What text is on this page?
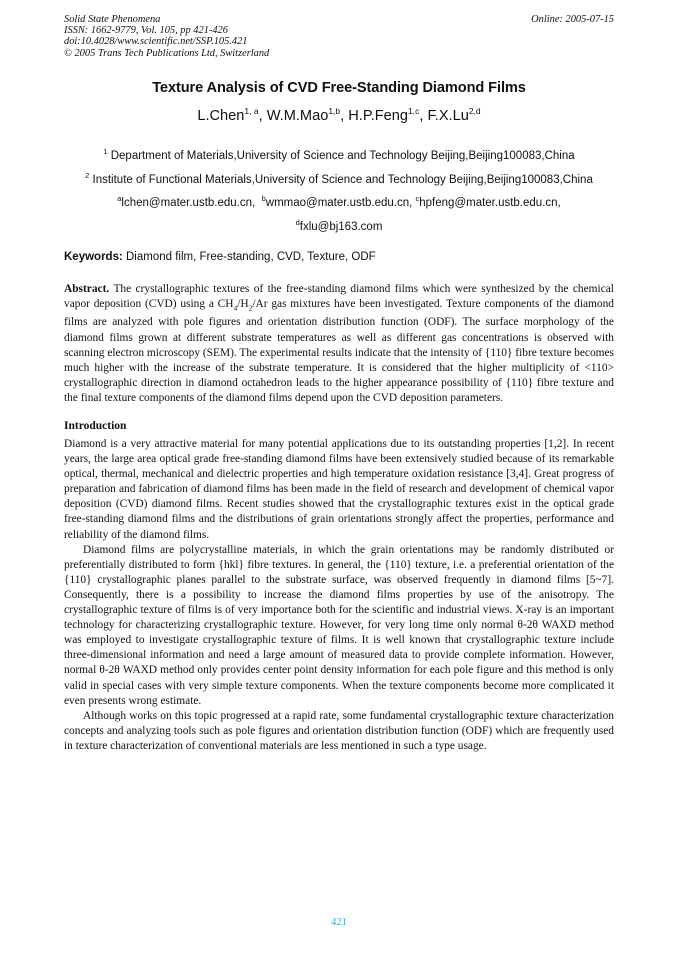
Solid State Phenomena
ISSN: 1662-9779, Vol. 105, pp 421-426
doi:10.4028/www.scientific.net/SSP.105.421
© 2005 Trans Tech Publications Ltd, Switzerland
Online: 2005-07-15
Texture Analysis of CVD Free-Standing Diamond Films
L.Chen$^{1, a}$, W.M.Mao$^{1,b}$, H.P.Feng$^{1,c}$, F.X.Lu$^{2,d}$
$^1$ Department of Materials,University of Science and Technology Beijing,Beijing100083,China
$^2$ Institute of Functional Materials,University of Science and Technology Beijing,Beijing100083,China
$^a$lchen@mater.ustb.edu.cn, $^b$wmmao@mater.ustb.edu.cn, $^c$hpfeng@mater.ustb.edu.cn,
$^d$fxlu@bj163.com
Keywords: Diamond film, Free-standing, CVD, Texture, ODF
Abstract. The crystallographic textures of the free-standing diamond films which were synthesized by the chemical vapor deposition (CVD) using a $CH_4/H_2/Ar$ gas mixtures have been investigated. Texture components of the diamond films are analyzed with pole figures and orientation distribution function (ODF). The surface morphology of the diamond films grown at different substrate temperatures as well as different gas concentrations is observed with scanning electron microscopy (SEM). The experimental results indicate that the intensity of {110} fibre texture becomes much higher with the increase of the substrate temperature. It is considered that the higher multiplicity of <110> crystallographic direction in diamond octahedron leads to the higher appearance possibility of {110} fibre texture and the final texture components of the diamond films depend upon the CVD deposition parameters.
Introduction

Diamond is a very attractive material for many potential applications due to its outstanding properties [1,2]. In recent years, the large area optical grade free-standing diamond films have been extensively studied because of its remarkable optical, thermal, mechanical and dielectric properties and high temperature oxidation resistance [3,4]. Great progress of preparation and fabrication of diamond films has been made in the field of research and development of chemical vapor deposition (CVD) diamond films. Recent studies showed that the crystallographic textures exist in the optical grade free-standing diamond films and the distributions of grain orientations strongly affect the properties, performance and reliability of the diamond films.

Diamond films are polycrystalline materials, in which the grain orientations may be randomly distributed or preferentially distributed to form {hkl} fibre textures. In general, the {110} texture, i.e. a preferential orientation of the {110} crystallographic planes parallel to the substrate surface, was observed frequently in diamond films [5~7]. Consequently, there is a possibility to increase the diamond films properties by use of the anisotropy. The crystallographic texture of films is of very importance both for the scientific and industrial views. X-ray is an important technology for characterizing crystallographic texture. However, for very long time only normal θ-2θ WAXD method was employed to investigate crystallographic texture of films. It is well known that crystallographic texture include three-dimensional information and need a large amount of measured data to provide complete information. However, normal θ-2θ WAXD method only provides center point density information for each pole figure and this method is only valid in special cases with very simple texture components. When the texture components become more complicated it even presents wrong estimate.

Although works on this topic progressed at a rapid rate, some fundamental crystallographic texture characterization concepts and analyzing tools such as pole figures and orientation distribution function (ODF) which are frequently used in texture characterization of conventional materials are less mentioned in such a type usage.

421
